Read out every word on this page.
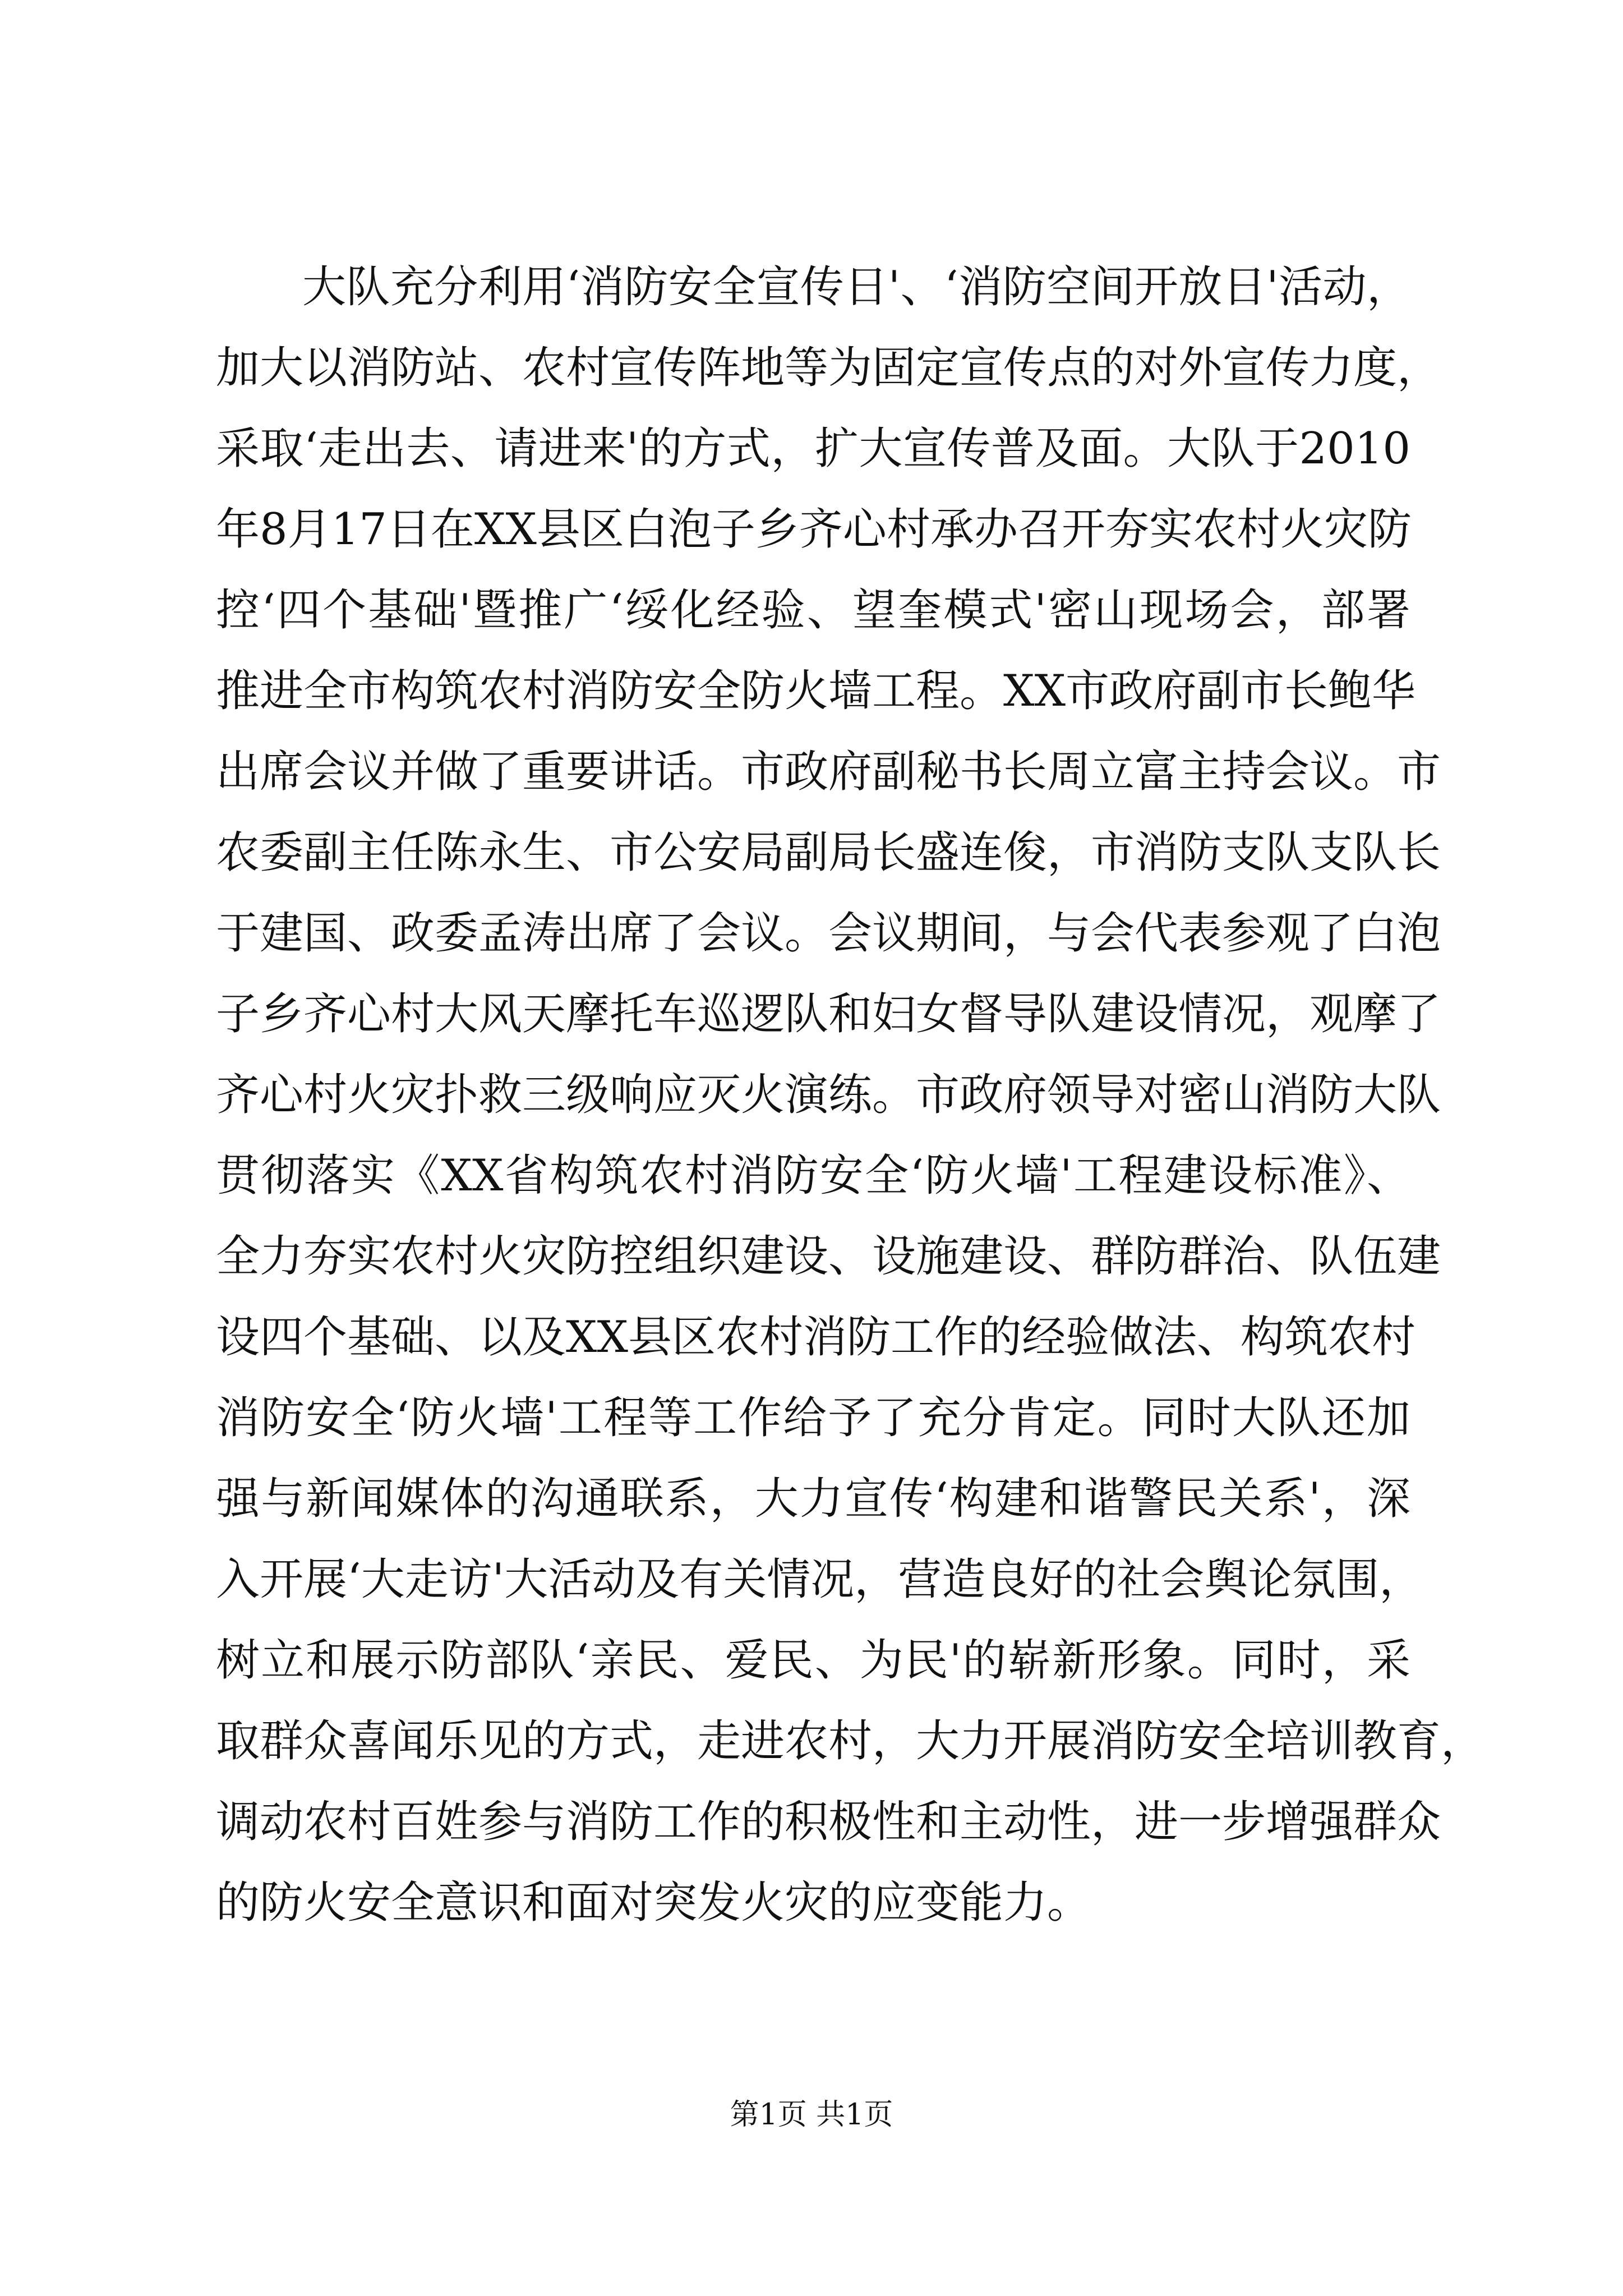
大队充分利用‘消防安全宣传日'、‘消防空间开放日'活动，
加大以消防站、农村宣传阵地等为固定宣传点的对外宣传力度，
采取‘走出去、请进来'的方式，扩大宣传普及面。大队于2010
年8月17日在XX县区白泡子乡齐心村承办召开夯实农村火灾防
控‘四个基础'暨推广‘绥化经验、望奎模式'密山现场会，部署
推进全市构筑农村消防安全防火墙工程。XX市政府副市长鲍华
出席会议并做了重要讲话。市政府副秘书长周立富主持会议。市
农委副主任陈永生、市公安局副局长盛连俊，市消防支队支队长
于建国、政委孟涛出席了会议。会议期间，与会代表参观了白泡
子乡齐心村大风天摩托车巡逻队和妇女督导队建设情况，观摩了
齐心村火灾扑救三级响应灭火演练。市政府领导对密山消防大队
贯彻落实《XX省构筑农村消防安全‘防火墙'工程建设标准》、
全力夯实农村火灾防控组织建设、设施建设、群防群治、队伍建
设四个基础、以及XX县区农村消防工作的经验做法、构筑农村
消防安全‘防火墙'工程等工作给予了充分肯定。同时大队还加
强与新闻媒体的沟通联系，大力宣传‘构建和谐警民关系'，深
入开展‘大走访'大活动及有关情况，营造良好的社会舆论氛围，
树立和展示防部队‘亲民、爱民、为民'的崭新形象。同时，采
取群众喜闻乐见的方式，走进农村，大力开展消防安全培训教育，
调动农村百姓参与消防工作的积极性和主动性，进一步增强群众
的防火安全意识和面对突发火灾的应变能力。
第1页 共1页
